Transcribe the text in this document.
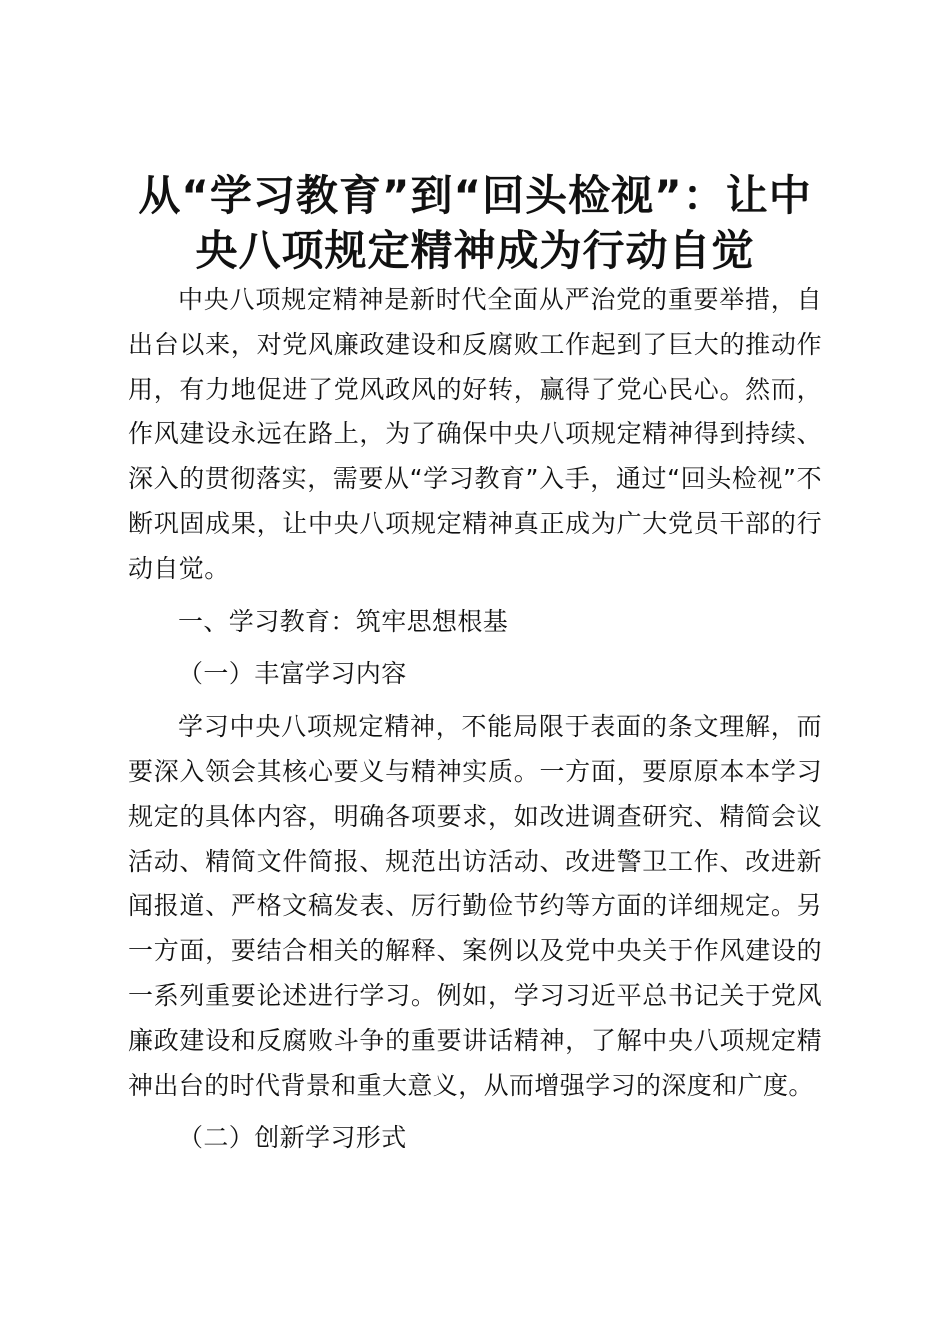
从“学习教育”到“回头检视”：让中央八项规定精神成为行动自觉

中央八项规定精神是新时代全面从严治党的重要举措，自出台以来，对党风廉政建设和反腐败工作起到了巨大的推动作用，有力地促进了党风政风的好转，赢得了党心民心。然而，作风建设永远在路上，为了确保中央八项规定精神得到持续、深入的贯彻落实，需要从“学习教育”入手，通过“回头检视”不断巩固成果，让中央八项规定精神真正成为广大党员干部的行动自觉。

一、学习教育：筑牢思想根基

（一）丰富学习内容

学习中央八项规定精神，不能局限于表面的条文理解，而要深入领会其核心要义与精神实质。一方面，要原原本本学习规定的具体内容，明确各项要求，如改进调查研究、精简会议活动、精简文件简报、规范出访活动、改进警卫工作、改进新闻报道、严格文稿发表、厉行勤俭节约等方面的详细规定。另一方面，要结合相关的解释、案例以及党中央关于作风建设的一系列重要论述进行学习。例如，学习习近平总书记关于党风廉政建设和反腐败斗争的重要讲话精神，了解中央八项规定精神出台的时代背景和重大意义，从而增强学习的深度和广度。

（二）创新学习形式
